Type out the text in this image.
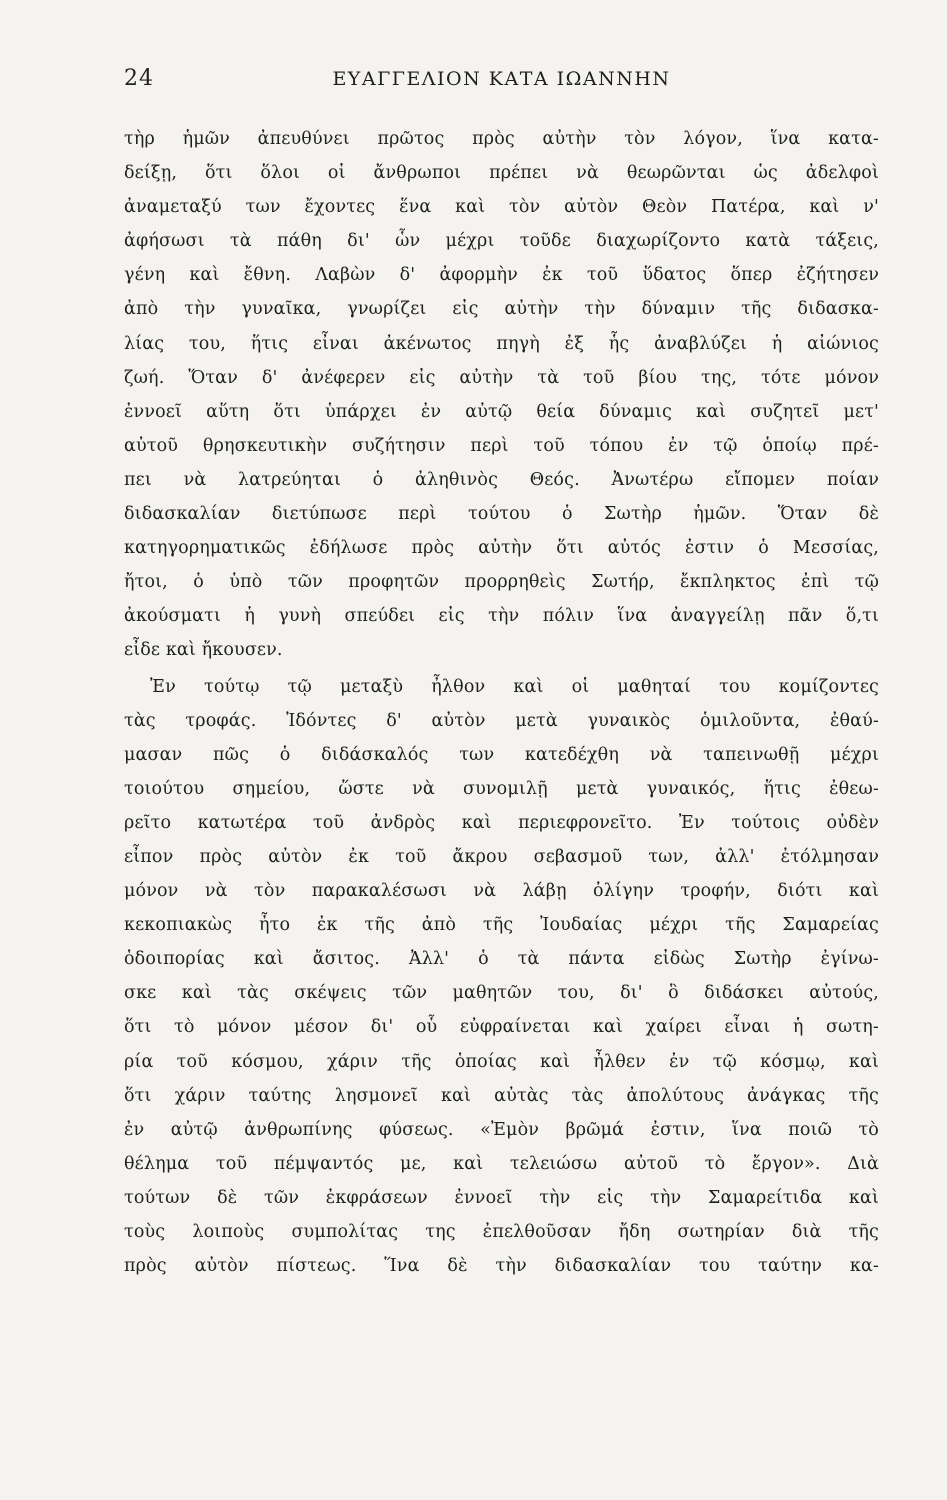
24	ΕΥΑΓΓΕΛΙΟΝ ΚΑΤΑ ΙΩΑΝΝΗΝ
τὴρ ἡμῶν ἀπευθύνει πρῶτος πρὸς αὐτὴν τὸν λόγον, ἵνα κατα-
δείξῃ, ὅτι ὅλοι οἱ ἄνθρωποι πρέπει νὰ θεωρῶνται ὡς ἀδελφοὶ
ἀναμεταξύ των ἔχοντες ἕνα καὶ τὸν αὐτὸν Θεὸν Πατέρα, καὶ ν'
ἀφήσωσι τὰ πάθη δι' ὧν μέχρι τοῦδε διαχωρίζοντο κατὰ τάξεις,
γένη καὶ ἔθνη. Λαβὼν δ' ἀφορμὴν ἐκ τοῦ ὕδατος ὅπερ ἐζήτησεν
ἀπὸ τὴν γυναῖκα, γνωρίζει εἰς αὐτὴν τὴν δύναμιν τῆς διδασκα-
λίας του, ἥτις εἶναι ἀκένωτος πηγὴ ἐξ ἧς ἀναβλύζει ἡ αἰώνιος
ζωή. Ὅταν δ' ἀνέφερεν εἰς αὐτὴν τὰ τοῦ βίου της, τότε μόνον
ἐννοεῖ αὕτη ὅτι ὑπάρχει ἐν αὐτῷ θεία δύναμις καὶ συζητεῖ μετ'
αὐτοῦ θρησκευτικὴν συζήτησιν περὶ τοῦ τόπου ἐν τῷ ὁποίῳ πρέ-
πει νὰ λατρεύηται ὁ ἀληθινὸς Θεός. Ἀνωτέρω εἴπομεν ποίαν
διδασκαλίαν διετύπωσε περὶ τούτου ὁ Σωτὴρ ἡμῶν. Ὅταν δὲ
κατηγορηματικῶς ἐδήλωσε πρὸς αὐτὴν ὅτι αὐτός ἐστιν ὁ Μεσσίας,
ἤτοι, ὁ ὑπὸ τῶν προφητῶν προρρηθεὶς Σωτήρ, ἔκπληκτος ἐπὶ τῷ
ἀκούσματι ἡ γυνὴ σπεύδει εἰς τὴν πόλιν ἵνα ἀναγγείλῃ πᾶν ὅ,τι
εἶδε καὶ ἤκουσεν.
Ἐν τούτῳ τῷ μεταξὺ ἦλθον καὶ οἱ μαθηταί του κομίζοντες
τὰς τροφάς. Ἰδόντες δ' αὐτὸν μετὰ γυναικὸς ὁμιλοῦντα, ἐθαύ-
μασαν πῶς ὁ διδάσκαλός των κατεδέχθη νὰ ταπεινωθῇ μέχρι
τοιούτου σημείου, ὥστε νὰ συνομιλῇ μετὰ γυναικός, ἥτις ἐθεω-
ρεῖτο κατωτέρα τοῦ ἀνδρὸς καὶ περιεφρονεῖτο. Ἐν τούτοις οὐδὲν
εἶπον πρὸς αὐτὸν ἐκ τοῦ ἄκρου σεβασμοῦ των, ἀλλ' ἐτόλμησαν
μόνον νὰ τὸν παρακαλέσωσι νὰ λάβῃ ὀλίγην τροφήν, διότι καὶ
κεκοπιακὼς ἦτο ἐκ τῆς ἀπὸ τῆς Ἰουδαίας μέχρι τῆς Σαμαρείας
ὁδοιπορίας καὶ ἄσιτος. Ἀλλ' ὁ τὰ πάντα εἰδὼς Σωτὴρ ἐγίνω-
σκε καὶ τὰς σκέψεις τῶν μαθητῶν του, δι' ὃ διδάσκει αὐτούς,
ὅτι τὸ μόνον μέσον δι' οὗ εὐφραίνεται καὶ χαίρει εἶναι ἡ σωτη-
ρία τοῦ κόσμου, χάριν τῆς ὁποίας καὶ ἦλθεν ἐν τῷ κόσμῳ, καὶ
ὅτι χάριν ταύτης λησμονεῖ καὶ αὐτὰς τὰς ἀπολύτους ἀνάγκας τῆς
ἐν αὐτῷ ἀνθρωπίνης φύσεως. «Ἐμὸν βρῶμά ἐστιν, ἵνα ποιῶ τὸ
θέλημα τοῦ πέμψαντός με, καὶ τελειώσω αὐτοῦ τὸ ἔργον». Διὰ
τούτων δὲ τῶν ἐκφράσεων ἐννοεῖ τὴν εἰς τὴν Σαμαρείτιδα καὶ
τοὺς λοιποὺς συμπολίτας της ἐπελθοῦσαν ἤδη σωτηρίαν διὰ τῆς
πρὸς αὐτὸν πίστεως. Ἵνα δὲ τὴν διδασκαλίαν του ταύτην κα-
